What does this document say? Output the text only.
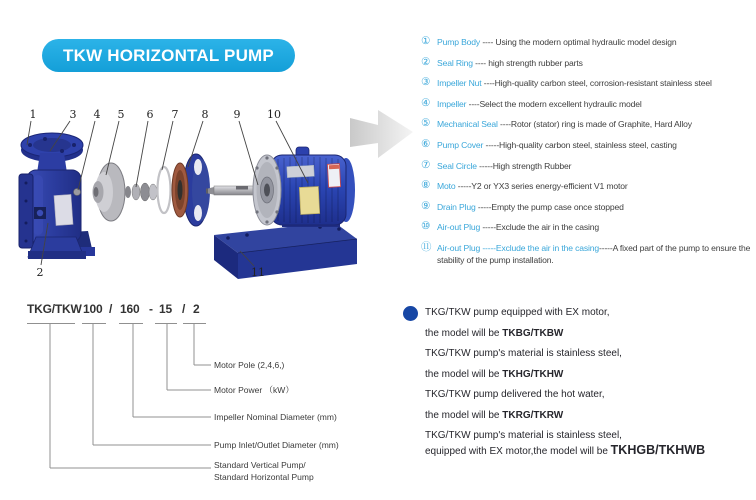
TKW HORIZONTAL PUMP
1	3 4 5 6 7 8 9 10
2	11
① Pump Body ---- Using the modern optimal hydraulic model design
② Seal Ring ---- high strength rubber parts
③ Impeller Nut ----High-quality carbon steel, corrosion-resistant stainless steel
④ Impeller ----Select the modern excellent hydraulic model
⑤ Mechanical Seal ----Rotor (stator) ring is made of Graphite, Hard Alloy
⑥ Pump Cover -----High-quality carbon steel, stainless steel, casting
⑦ Seal Circle -----High strength Rubber
⑧ Moto -----Y2 or YX3 series energy-efficient V1 motor
⑨ Drain Plug -----Empty the pump case once stopped
⑩ Air-out Plug -----Exclude the air in the casing
⑪ Air-out Plug -----Exclude the air in the casing-----A fixed part of the pump to ensure the stability of the pump installation.
TKG/TKW 100 / 160 - 15 / 2
Motor Pole (2,4,6,)
Motor Power （kW）
Impeller Nominal Diameter (mm)
Pump Inlet/Outlet Diameter (mm)
Standard Vertical Pump/
Standard Horizontal Pump
TKG/TKW pump equipped with EX motor,
the model will be TKBG/TKBW
TKG/TKW pump's material is stainless steel,
the model will be TKHG/TKHW
TKG/TKW pump delivered the hot water,
the model will be TKRG/TKRW
TKG/TKW pump's material is stainless steel,
equipped with EX motor,the model will be TKHGB/TKHWB
